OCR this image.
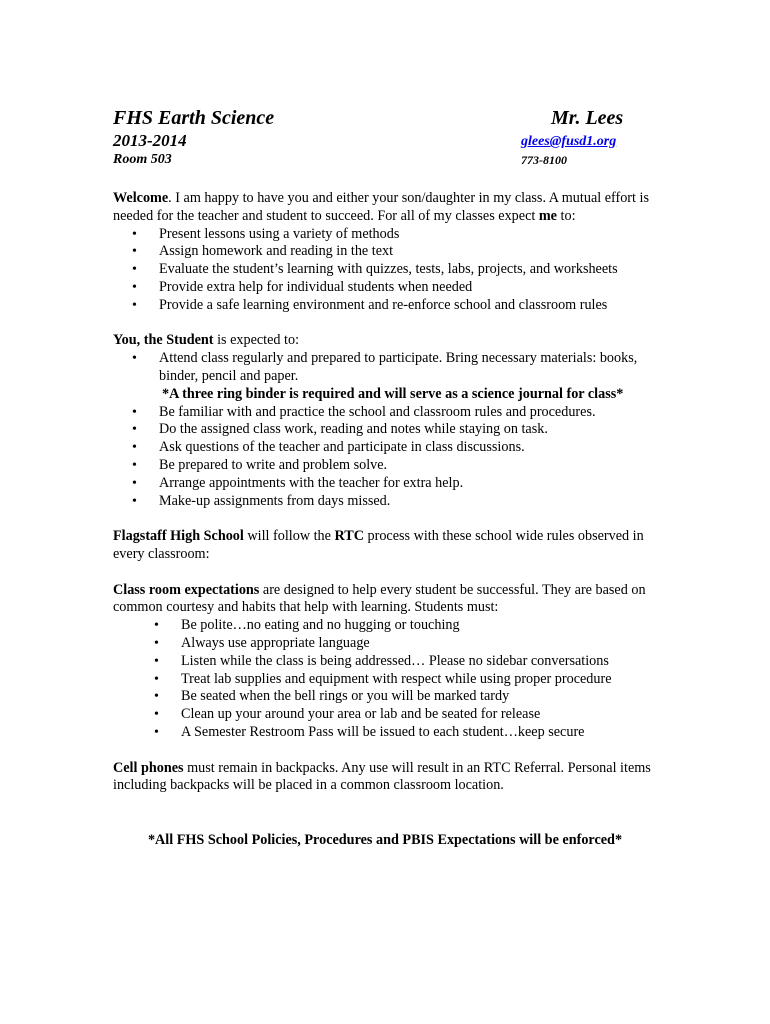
FHS Earth Science
2013-2014
Room 503
Mr. Lees
glees@fusd1.org
773-8100

Welcome. I am happy to have you and either your son/daughter in my class. A mutual effort is needed for the teacher and student to succeed. For all of my classes expect me to:

• Present lessons using a variety of methods
• Assign homework and reading in the text
• Evaluate the student’s learning with quizzes, tests, labs, projects, and worksheets
• Provide extra help for individual students when needed
• Provide a safe learning environment and re-enforce school and classroom rules

You, the Student is expected to:

• Attend class regularly and prepared to participate. Bring necessary materials: books, binder, pencil and paper.
*A three ring binder is required and will serve as a science journal for class*
• Be familiar with and practice the school and classroom rules and procedures.
• Do the assigned class work, reading and notes while staying on task.
• Ask questions of the teacher and participate in class discussions.
• Be prepared to write and problem solve.
• Arrange appointments with the teacher for extra help.
• Make-up assignments from days missed.

Flagstaff High School will follow the RTC process with these school wide rules observed in every classroom:

Class room expectations are designed to help every student be successful. They are based on common courtesy and habits that help with learning. Students must:

• Be polite…no eating and no hugging or touching
• Always use appropriate language
• Listen while the class is being addressed… Please no sidebar conversations
• Treat lab supplies and equipment with respect while using proper procedure
• Be seated when the bell rings or you will be marked tardy
• Clean up your around your area or lab and be seated for release
• A Semester Restroom Pass will be issued to each student…keep secure

Cell phones must remain in backpacks. Any use will result in an RTC Referral. Personal items including backpacks will be placed in a common classroom location.

*All FHS School Policies, Procedures and PBIS Expectations will be enforced*
